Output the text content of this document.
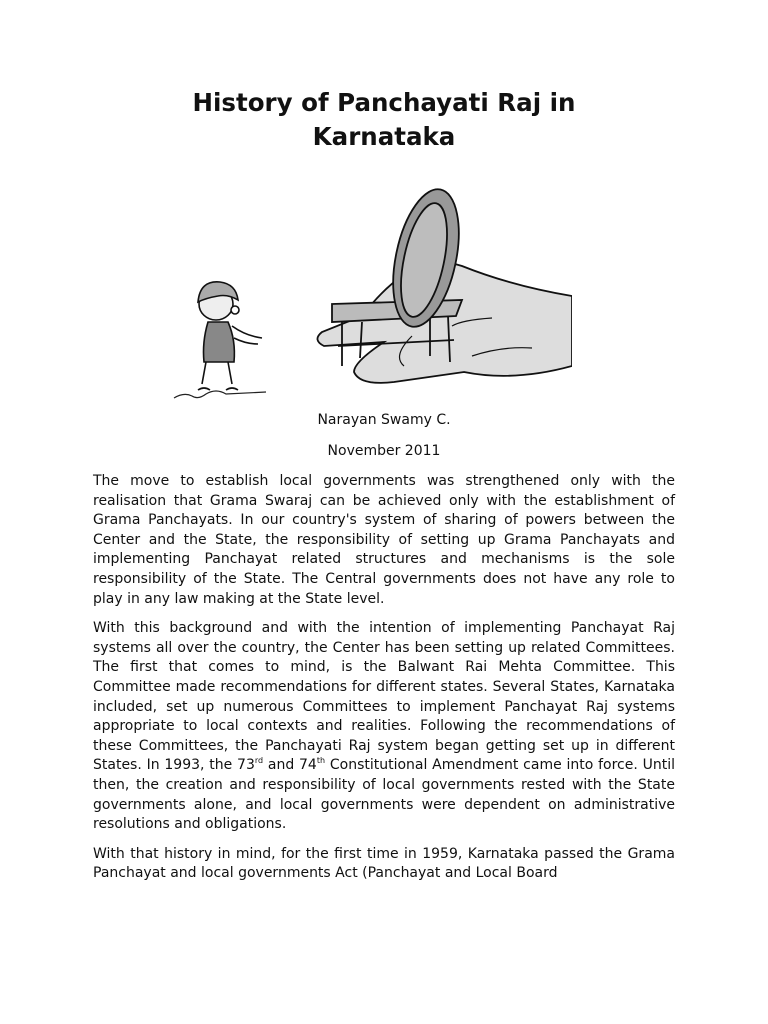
History of Panchayati Raj in
Karnataka
Narayan Swamy C.
November 2011

The move to establish local governments was strengthened only with the realisation that Grama Swaraj can be achieved only with the establishment of Grama Panchayats. In our country's system of sharing of powers between the Center and the State, the responsibility of setting up Grama Panchayats and implementing Panchayat related structures and mechanisms is the sole responsibility of the State. The Central governments does not have any role to play in any law making at the State level.

With this background and with the intention of implementing Panchayat Raj systems all over the country, the Center has been setting up related Committees. The first that comes to mind, is the Balwant Rai Mehta Committee. This Committee made recommendations for different states. Several States, Karnataka included, set up numerous Committees to implement Panchayat Raj systems appropriate to local contexts and realities. Following the recommendations of these Committees, the Panchayati Raj system began getting set up in different States. In 1993, the 73rd and 74th Constitutional Amendment came into force. Until then, the creation and responsibility of local governments rested with the State governments alone, and local governments were dependent on administrative resolutions and obligations.

With that history in mind, for the first time in 1959, Karnataka passed the Grama Panchayat and local governments Act (Panchayat and Local Board
